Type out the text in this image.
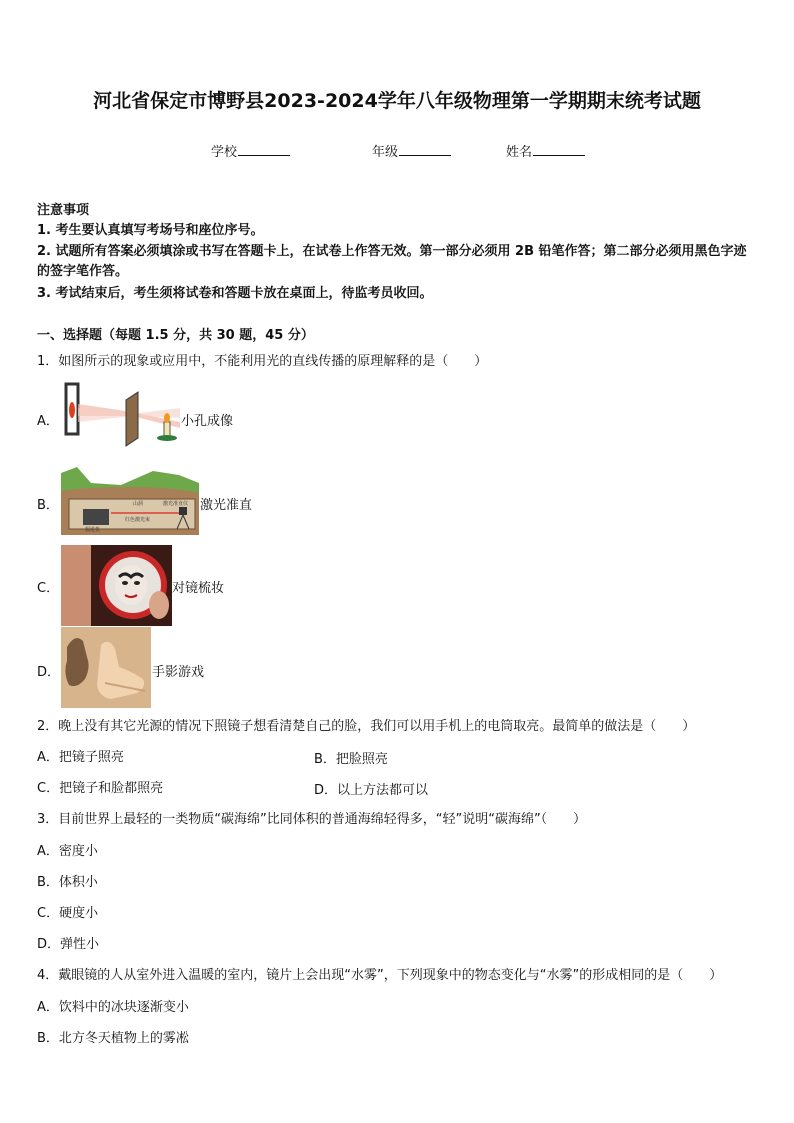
河北省保定市博野县2023-2024学年八年级物理第一学期期末统考试题
学校	年级	姓名
注意事项
1. 考生要认真填写考场号和座位序号。
2. 试题所有答案必须填涂或书写在答题卡上，在试卷上作答无效。第一部分必须用 2B 铅笔作答；第二部分必须用黑色字迹的签字笔作答。
3. 考试结束后，考生须将试卷和答题卡放在桌面上，待监考员收回。
一、选择题（每题 1.5 分，共 30 题，45 分）
1．如图所示的现象或应用中，不能利用光的直线传播的原理解释的是（　　）
A．	小孔成像
B．	山洞	激光准直仪
掘进机
红色激光束
激光准直
C．	对镜梳妆
D．	手影游戏
2．晚上没有其它光源的情况下照镜子想看清楚自己的脸，我们可以用手机上的电筒取亮。最简单的做法是（　　）
A．把镜子照亮	B．把脸照亮
C．把镜子和脸都照亮	D．以上方法都可以
3．目前世界上最轻的一类物质“碳海绵”比同体积的普通海绵轻得多，“轻”说明“碳海绵”（　　）
A．密度小
B．体积小
C．硬度小
D．弹性小
4．戴眼镜的人从室外进入温暖的室内，镜片上会出现“水雾”，下列现象中的物态变化与“水雾”的形成相同的是（　　）
A．饮料中的冰块逐渐变小
B．北方冬天植物上的雾凇
